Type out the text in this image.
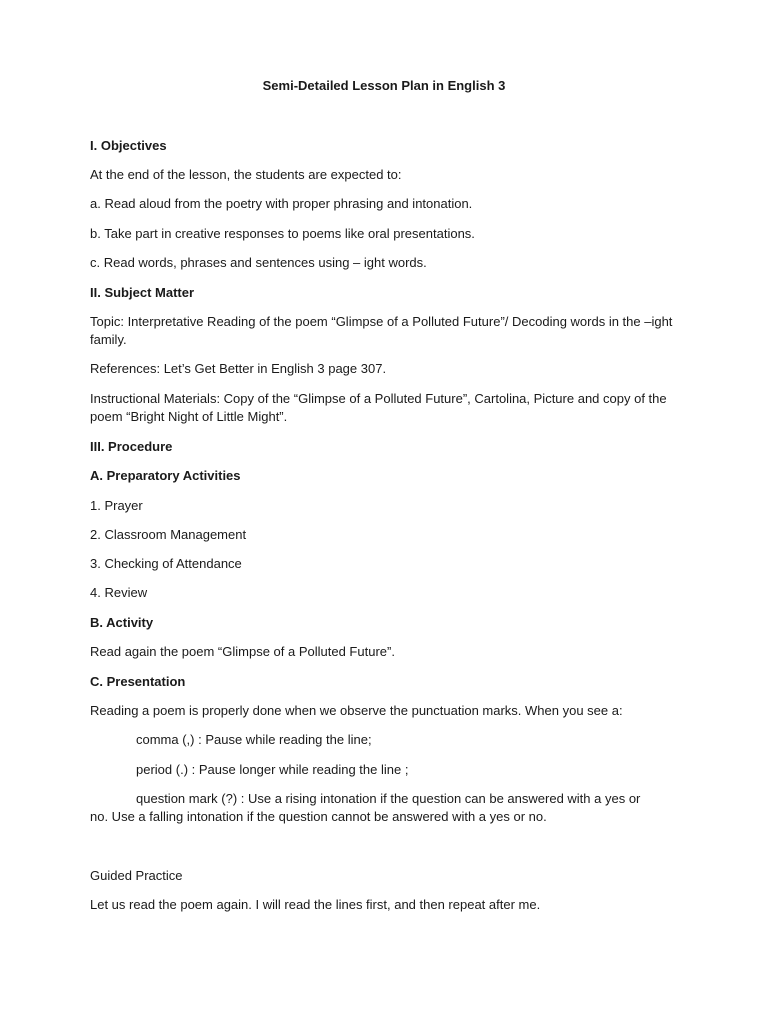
Semi-Detailed Lesson Plan in English 3
I. Objectives
At the end of the lesson, the students are expected to:
a. Read aloud from the poetry with proper phrasing and intonation.
b. Take part in creative responses to poems like oral presentations.
c. Read words, phrases and sentences using – ight words.
II. Subject Matter
Topic: Interpretative Reading of the poem “Glimpse of a Polluted Future”/ Decoding words in the –ight family.
References: Let’s Get Better in English 3 page 307.
Instructional Materials: Copy of the “Glimpse of a Polluted Future”, Cartolina, Picture and copy of the poem “Bright Night of Little Might”.
III. Procedure
A. Preparatory Activities
1. Prayer
2. Classroom Management
3. Checking of Attendance
4. Review
B. Activity
Read again the poem “Glimpse of a Polluted Future”.
C. Presentation
Reading a poem is properly done when we observe the punctuation marks. When you see a:
comma (,) : Pause while reading the line;
period (.) : Pause longer while reading the line ;
question mark (?) : Use a rising intonation if the question can be answered with a yes or
no. Use a falling intonation if the question cannot be answered with a yes or no.
Guided Practice
Let us read the poem again. I will read the lines first, and then repeat after me.
